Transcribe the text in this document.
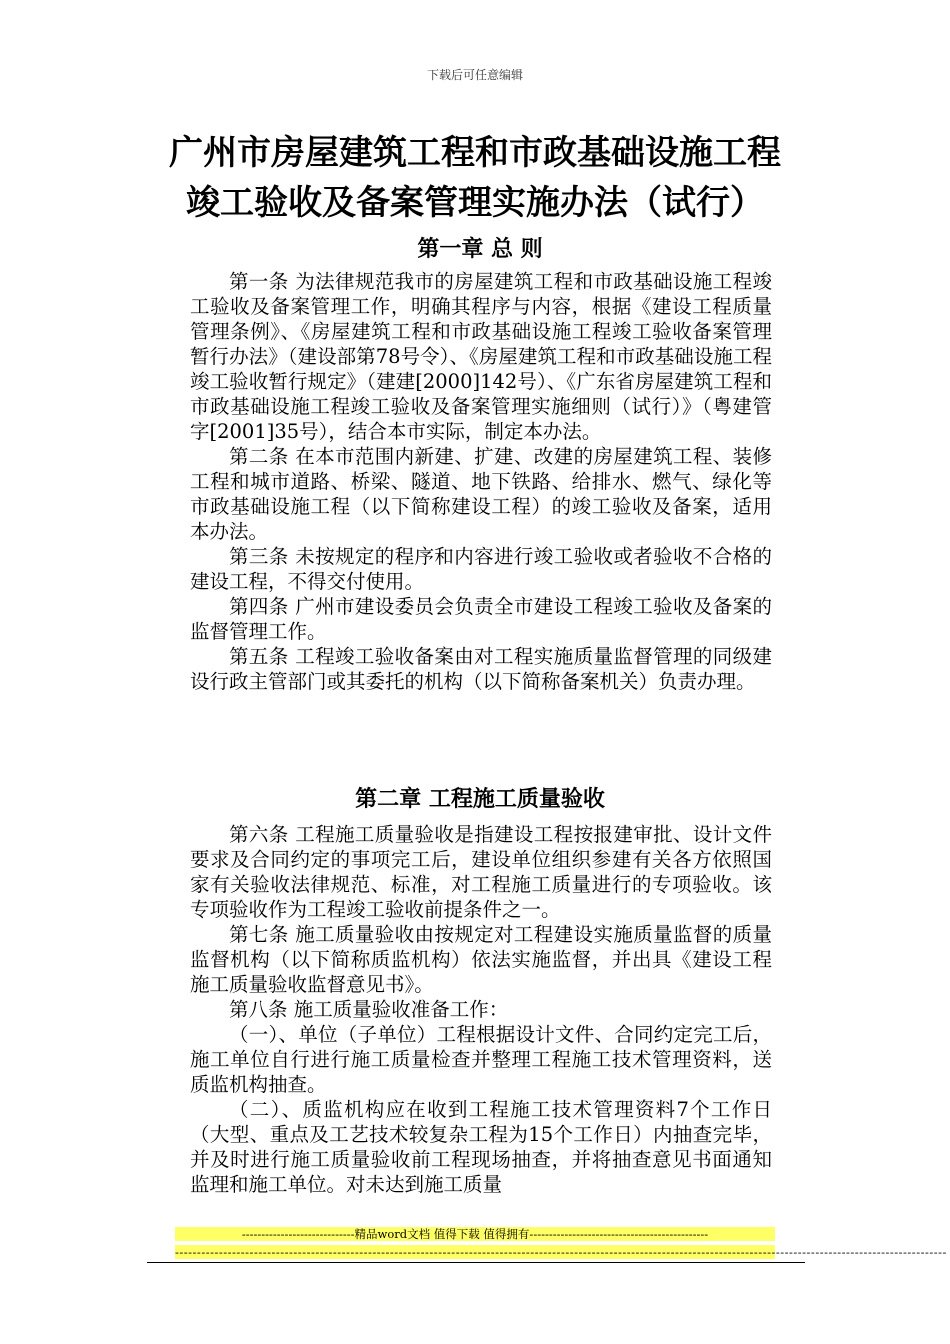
下载后可任意编辑
广州市房屋建筑工程和市政基础设施工程
竣工验收及备案管理实施办法（试行）
第一章 总 则

第一条 为法律规范我市的房屋建筑工程和市政基础设施工程竣工验收及备案管理工作，明确其程序与内容，根据《建设工程质量管理条例》、《房屋建筑工程和市政基础设施工程竣工验收备案管理暂行办法》（建设部第78号令）、《房屋建筑工程和市政基础设施工程竣工验收暂行规定》（建建[2000]142号）、《广东省房屋建筑工程和市政基础设施工程竣工验收及备案管理实施细则（试行）》（粤建管字[2001]35号），结合本市实际，制定本办法。

第二条 在本市范围内新建、扩建、改建的房屋建筑工程、装修工程和城市道路、桥梁、隧道、地下铁路、给排水、燃气、绿化等市政基础设施工程（以下简称建设工程）的竣工验收及备案，适用本办法。

第三条 未按规定的程序和内容进行竣工验收或者验收不合格的建设工程，不得交付使用。

第四条 广州市建设委员会负责全市建设工程竣工验收及备案的监督管理工作。

第五条 工程竣工验收备案由对工程实施质量监督管理的同级建设行政主管部门或其委托的机构（以下简称备案机关）负责办理。

第二章 工程施工质量验收

第六条 工程施工质量验收是指建设工程按报建审批、设计文件要求及合同约定的事项完工后，建设单位组织参建有关各方依照国家有关验收法律规范、标准，对工程施工质量进行的专项验收。该专项验收作为工程竣工验收前提条件之一。

第七条 施工质量验收由按规定对工程建设实施质量监督的质量监督机构（以下简称质监机构）依法实施监督，并出具《建设工程施工质量验收监督意见书》。

第八条 施工质量验收准备工作：

（一）、单位（子单位）工程根据设计文件、合同约定完工后，施工单位自行进行施工质量检查并整理工程施工技术管理资料，送质监机构抽查。

（二）、质监机构应在收到工程施工技术管理资料7个工作日（大型、重点及工艺技术较复杂工程为15个工作日）内抽查完毕，并及时进行施工质量验收前工程现场抽查，并将抽查意见书面通知监理和施工单位。对未达到施工质量

-----------------------------精品word文档 值得下载 值得拥有----------------------------------------------
--------------------------------------------------------------------------------------------------------------------------------------------------------------------------------
